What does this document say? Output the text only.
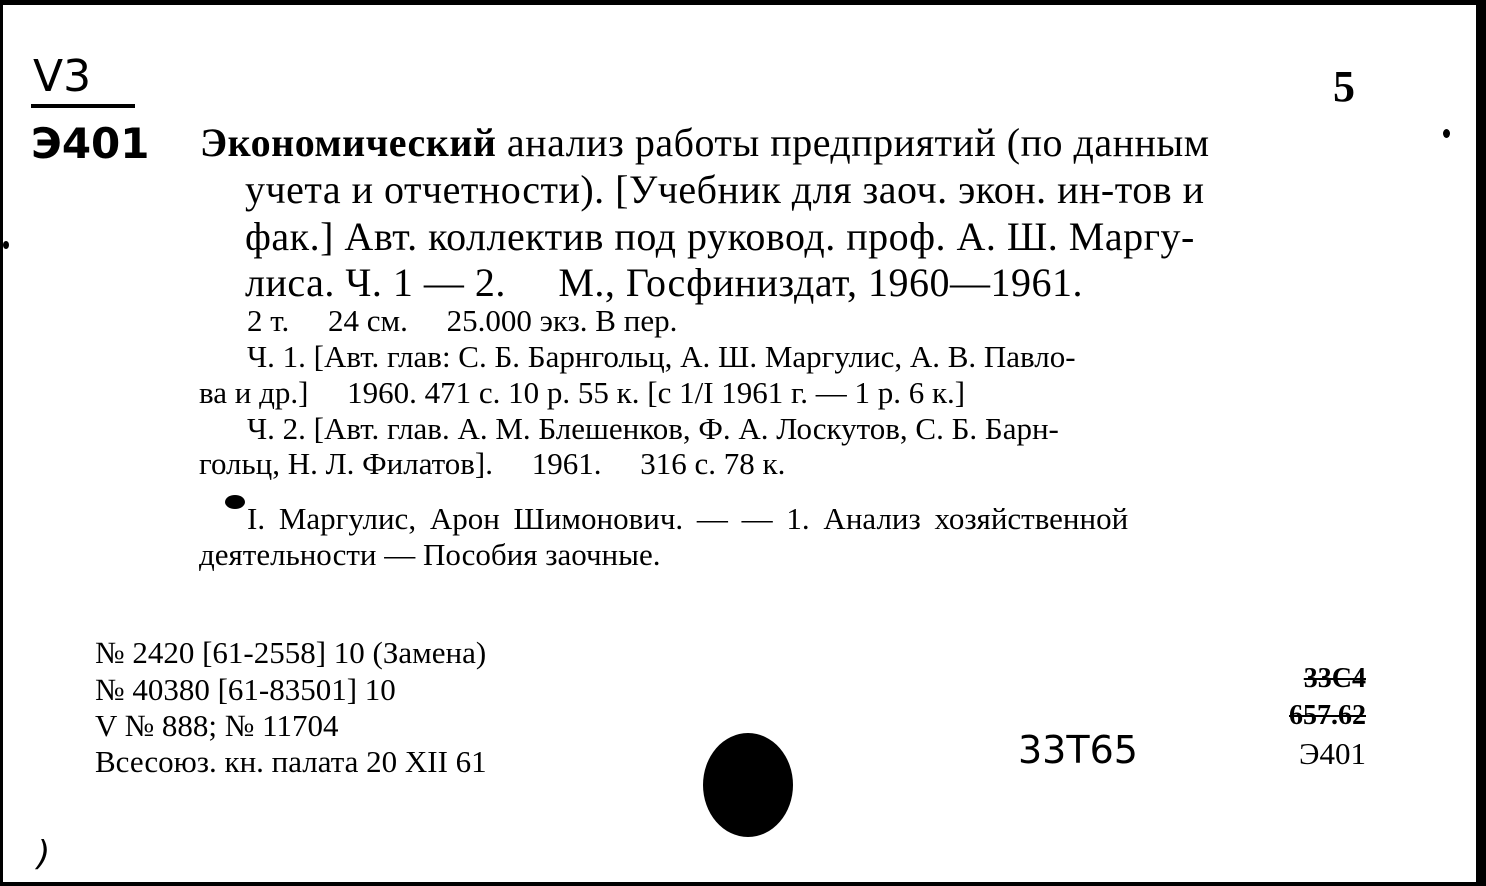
V3
Э401
5
Экономический анализ работы предприятий (по данным
учета и отчетности). [Учебник для заоч. экон. ин-тов и
фак.] Авт. коллектив под руковод. проф. А. Ш. Маргу-
лиса. Ч. 1 — 2.     М., Госфиниздат, 1960—1961.
2 т.     24 см.     25.000 экз. В пер.
Ч. 1. [Авт. глав: С. Б. Барнгольц, А. Ш. Маргулис, А. В. Павло-
ва и др.]     1960. 471 с. 10 р. 55 к. [с 1/I 1961 г. — 1 р. 6 к.]
Ч. 2. [Авт. глав. А. М. Блешенков, Ф. А. Лоскутов, С. Б. Барн-
гольц, Н. Л. Филатов].     1961.     316 с. 78 к.
I. Маргулис, Арон Шимонович. — — 1. Анализ хозяйственной
деятельности — Пособия заочные.
№ 2420 [61-2558] 10 (Замена)
№ 40380 [61-83501] 10
V № 888; № 11704
Всесоюз. кн. палата 20 XII 61
33С4
657.62
33Т65	Э401
)
